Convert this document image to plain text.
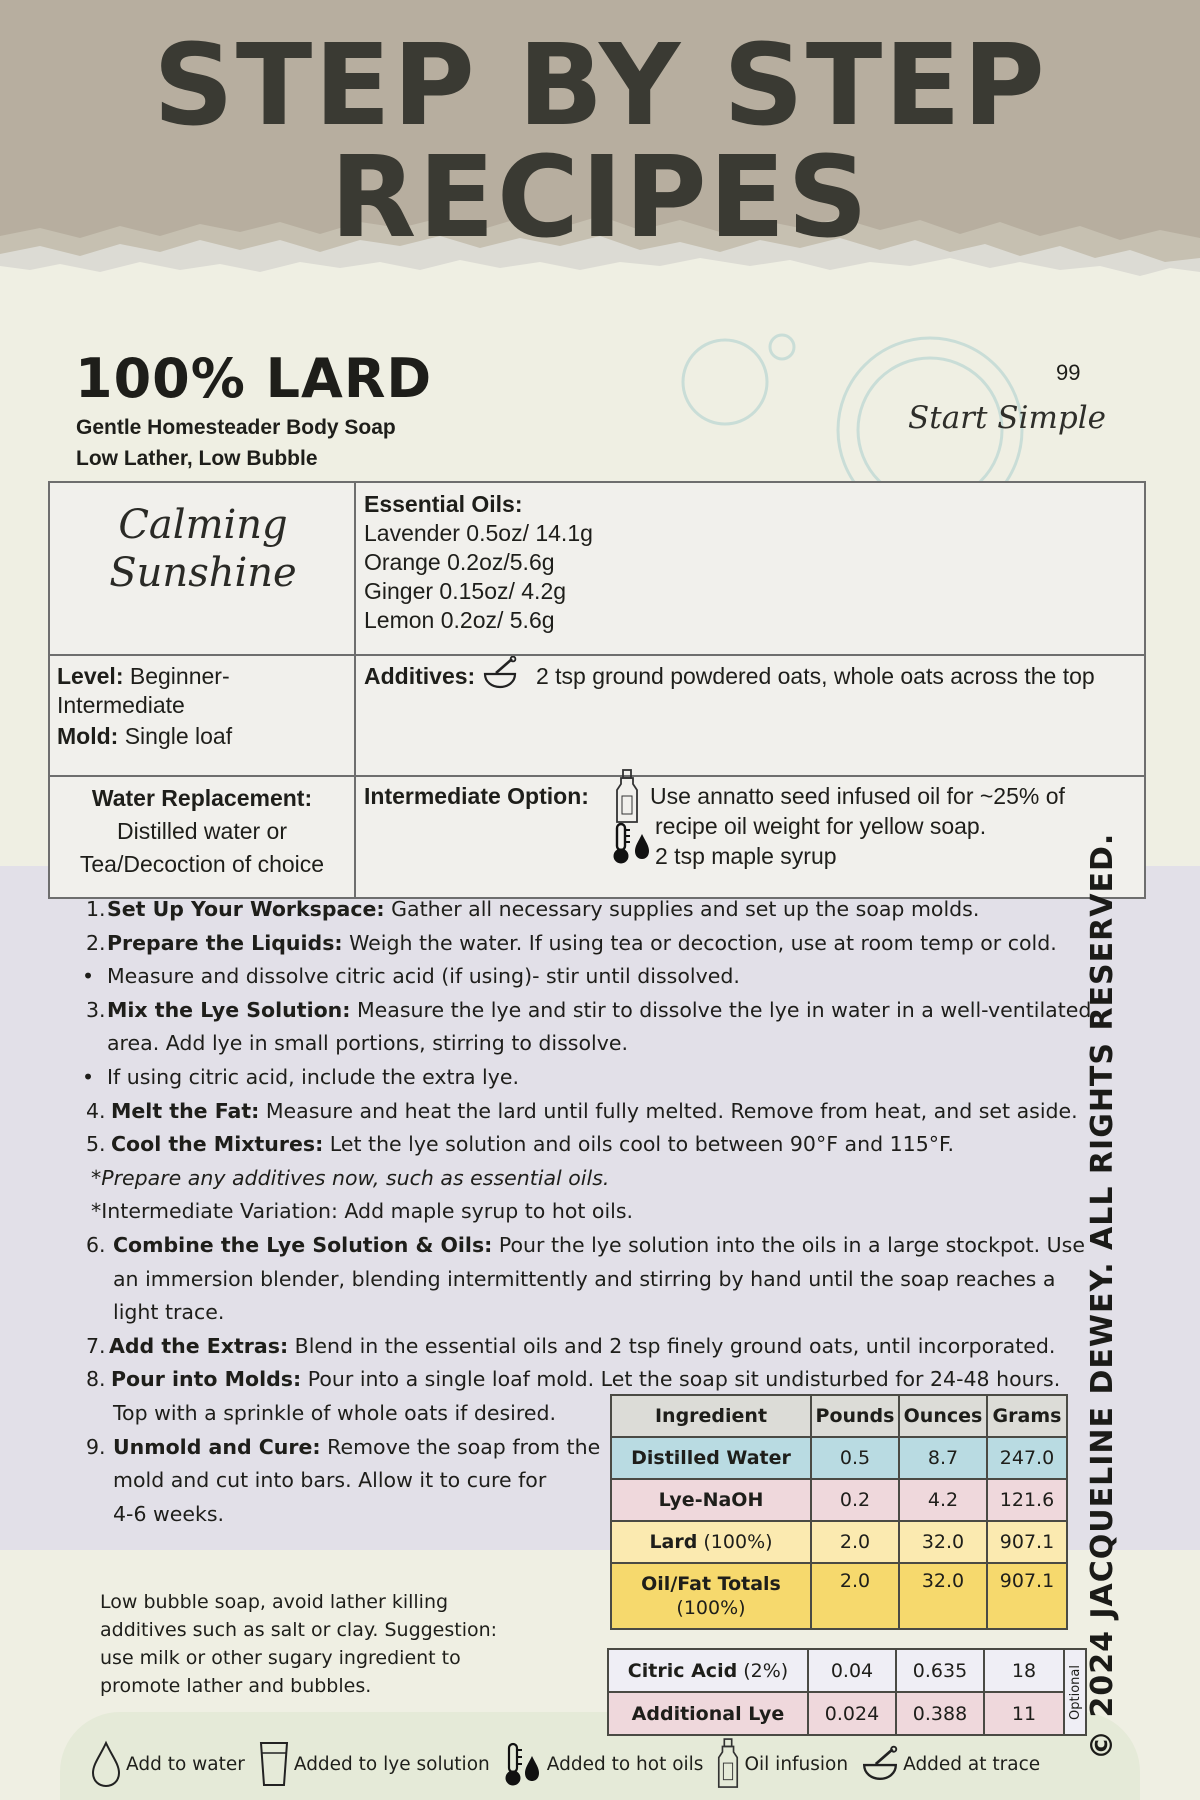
STEP BY STEP RECIPES
100% LARD
Gentle Homesteader Body Soap
Low Lather, Low Bubble
99
Start Simple
Calming
Sunshine
Essential Oils:
Lavender 0.5oz/ 14.1g
Orange 0.2oz/5.6g
Ginger 0.15oz/ 4.2g
Lemon 0.2oz/ 5.6g
Level: Beginner-Intermediate
Mold: Single loaf
Additives:	2 tsp ground powdered oats, whole oats across the top
Water Replacement:
Distilled water or
Tea/Decoction of choice
Intermediate Option:	Use annatto seed infused oil for ~25% of
recipe oil weight for yellow soap.
2 tsp maple syrup
1.Set Up Your Workspace: Gather all necessary supplies and set up the soap molds.
2.Prepare the Liquids: Weigh the water. If using tea or decoction, use at room temp or cold.
• Measure and dissolve citric acid (if using)- stir until dissolved.
3.Mix the Lye Solution: Measure the lye and stir to dissolve the lye in water in a well-ventilated
area. Add lye in small portions, stirring to dissolve.
• If using citric acid, include the extra lye.
4. Melt the Fat: Measure and heat the lard until fully melted. Remove from heat, and set aside.
5. Cool the Mixtures: Let the lye solution and oils cool to between 90°F and 115°F.
*Prepare any additives now, such as essential oils.
*Intermediate Variation: Add maple syrup to hot oils.
6. Combine the Lye Solution & Oils: Pour the lye solution into the oils in a large stockpot. Use
an immersion blender, blending intermittently and stirring by hand until the soap reaches a
light trace.
7. Add the Extras: Blend in the essential oils and 2 tsp finely ground oats, until incorporated.
8. Pour into Molds: Pour into a single loaf mold. Let the soap sit undisturbed for 24-48 hours.
Top with a sprinkle of whole oats if desired.
9. Unmold and Cure: Remove the soap from the
mold and cut into bars. Allow it to cure for
4-6 weeks.
Ingredient	Pounds	Ounces	Grams
Distilled Water	0.5	8.7	247.0
Lye-NaOH	0.2	4.2	121.6
Lard (100%)	2.0	32.0	907.1
Oil/Fat Totals
(100%)	2.0	32.0	907.1
Citric Acid (2%)	0.04	0.635	18	Optional

Additional Lye	0.024	0.388	11	
Low bubble soap, avoid lather killing additives such as salt or clay. Suggestion: use milk or other sugary ingredient to promote lather and bubbles.	© 2024 JACQUELINE DEWEY. ALL RIGHTS RESERVED.
Add to water	Added to lye solution	Added to hot oils Oil infusion	Added at trace
